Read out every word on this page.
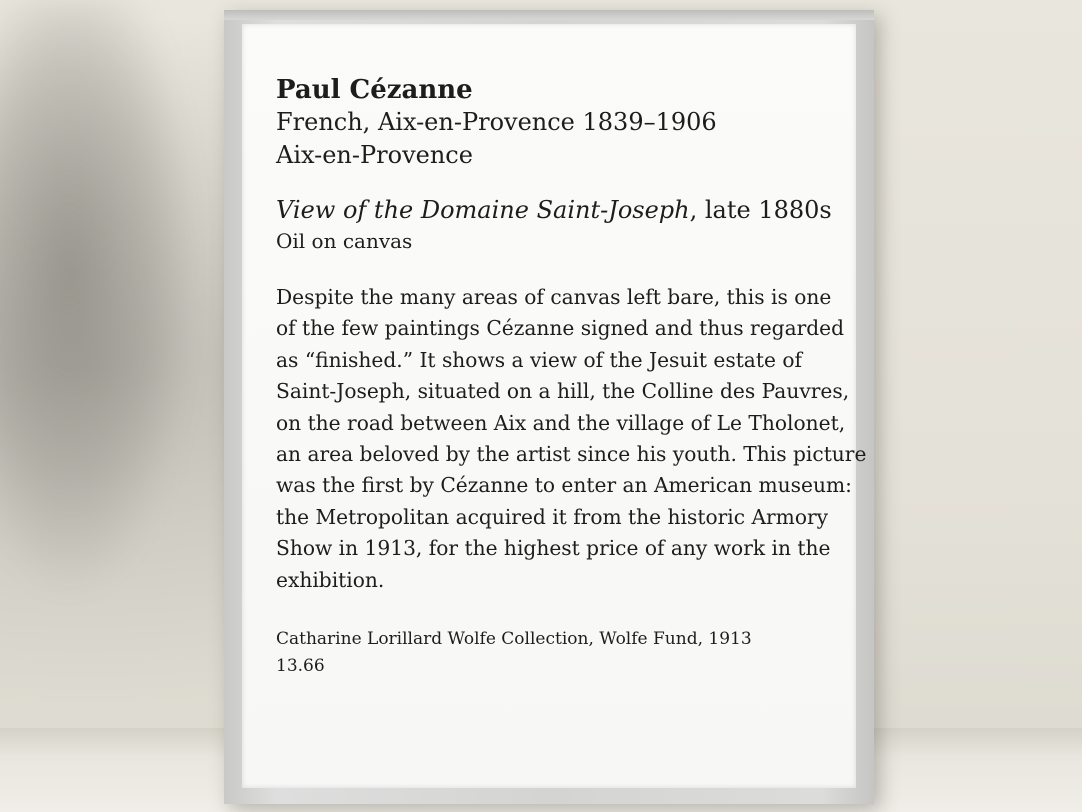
Paul Cézanne

French, Aix-en-Provence 1839–1906

Aix-en-Provence

View of the Domaine Saint-Joseph, late 1880s

Oil on canvas

Despite the many areas of canvas left bare, this is one
of the few paintings Cézanne signed and thus regarded
as “finished.” It shows a view of the Jesuit estate of
Saint-Joseph, situated on a hill, the Colline des Pauvres,
on the road between Aix and the village of Le Tholonet,
an area beloved by the artist since his youth. This picture
was the first by Cézanne to enter an American museum:
the Metropolitan acquired it from the historic Armory
Show in 1913, for the highest price of any work in the
exhibition.

Catharine Lorillard Wolfe Collection, Wolfe Fund, 1913

13.66
